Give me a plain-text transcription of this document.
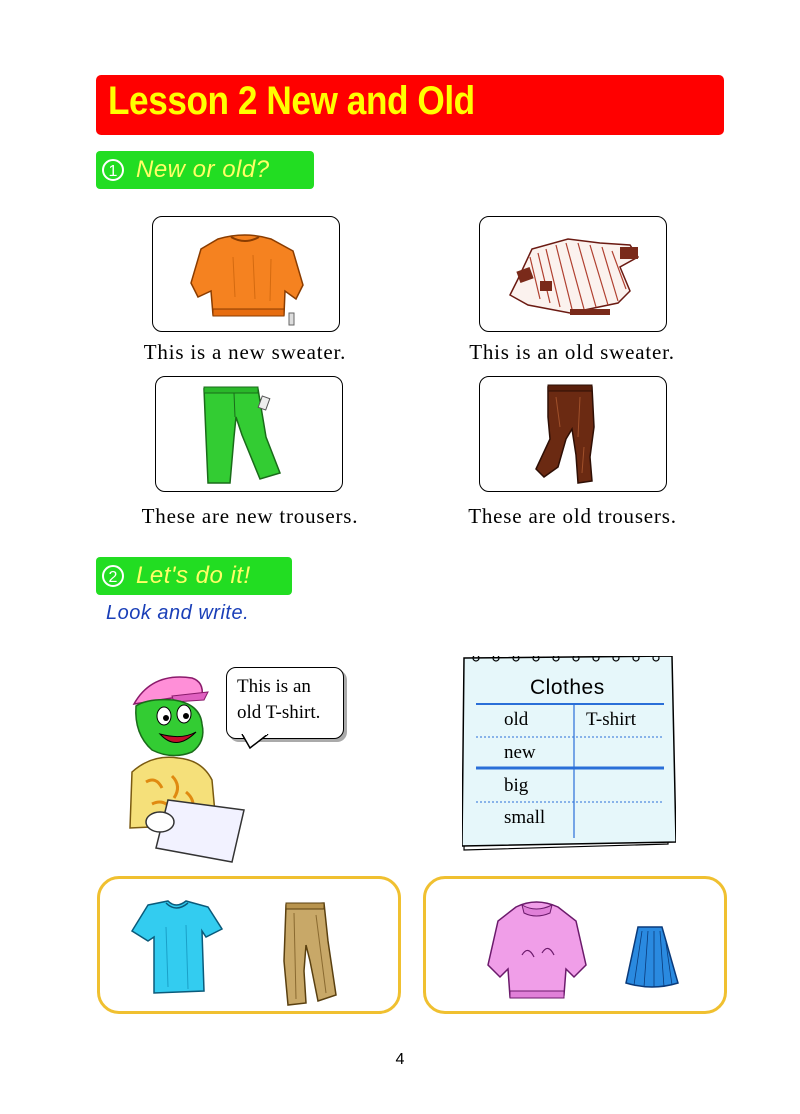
Lesson 2 New and Old
1 New or old?
This is a new sweater.	This is an old sweater.
These are new trousers.	These are old trousers.
2 Let's do it!
Look and write.
This is an
old T-shirt.
Clothes
old	T-shirt
new
big
small
4
